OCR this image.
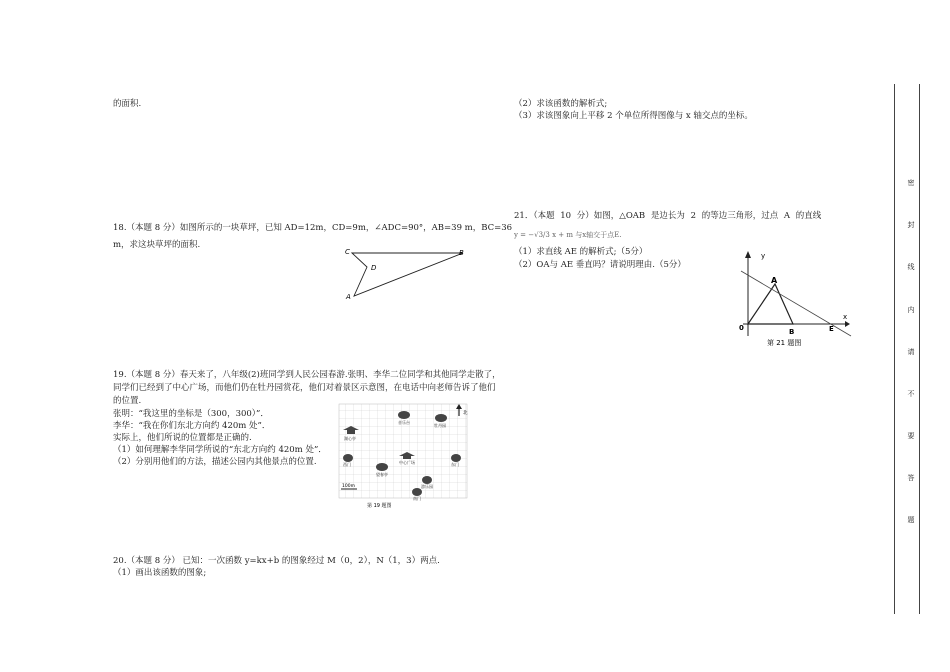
的面积.
18.（本题 8 分）如图所示的一块草坪，已知 AD=12m，CD=9m，∠ADC=90°，AB=39 m，BC=36
m，求这块草坪的面积.
C
D
B
A
19.（本题 8 分）春天来了，八年级(2)班同学到人民公园春游.张明、李华二位同学和其他同学走散了，
同学们已经到了中心广场，而他们仍在牡丹园赏花，他们对着景区示意图，在电话中向老师告诉了他们
的位置.
张明：“我这里的坐标是（300，300）”．
李华：“我在你们东北方向约 420m 处”．
实际上，他们所说的位置都是正确的.
（1）如何理解李华同学所说的“东北方向约 420m 处”．
（2）分别用他们的方法，描述公园内其他景点的位置.
音乐台
牡丹园
湖心亭
西门	中心广场	东门
望春亭
游乐园
南门
北
100m
第 19 题图
20.（本题 8 分） 已知：一次函数 y=kx+b 的图象经过 M（0，2），N（1，3）两点.
（1）画出该函数的图象;
（2）求该函数的解析式;
（3）求该图象向上平移 2 个单位所得图像与 x 轴交点的坐标。
21．（本题 10 分）如图，△OAB 是边长为 2 的等边三角形，过点 A 的直线
y = −√3/3 x + m 与x轴交于点E.
（1）求直线 AE 的解析式;（5分）
（2）OA与 AE 垂直吗？请说明理由.（5分）
y
x
A
0	B	E
第 21 题图
密
封
线
内
请
不
要
答
题
